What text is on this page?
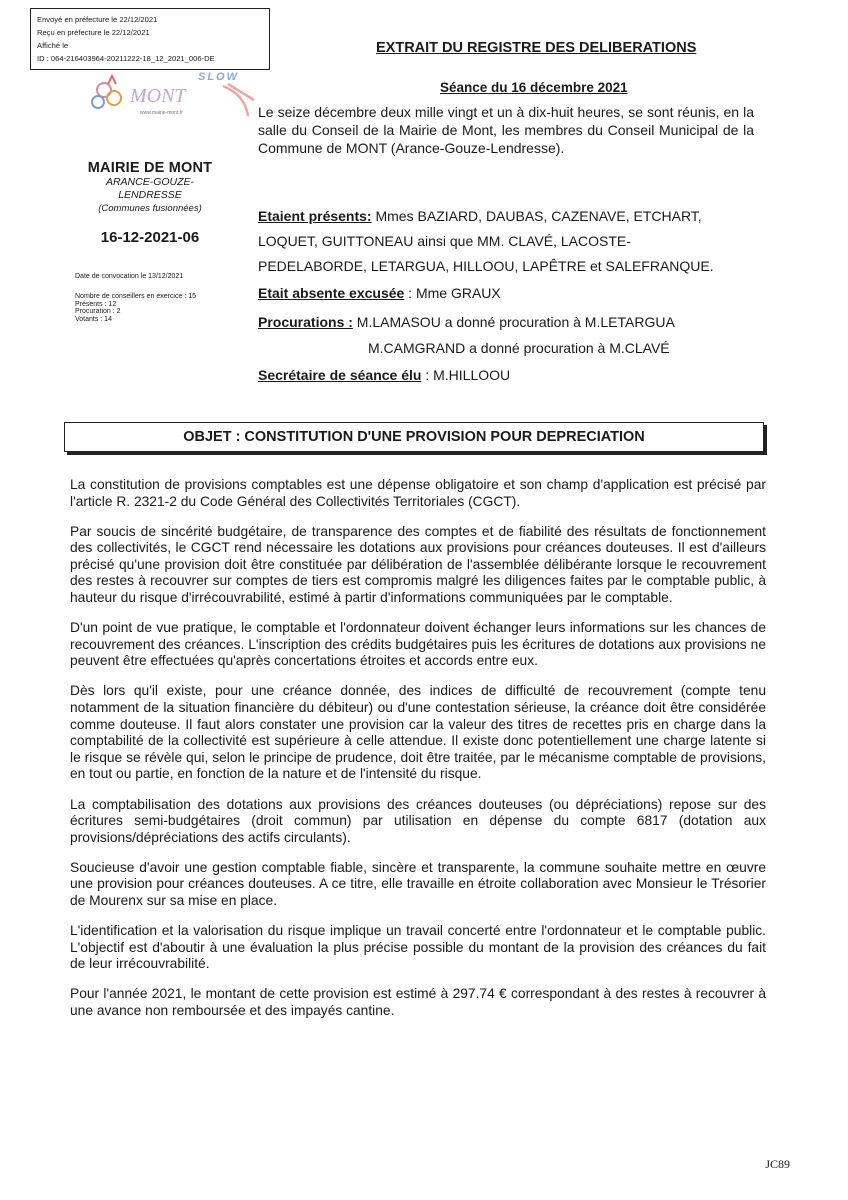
Envoyé en préfecture le 22/12/2021
Reçu en préfecture le 22/12/2021
Affiché le
ID : 064-216403964-20211222-18_12_2021_006-DE
MONT
www.mairie-mont.fr
SLOW
EXTRAIT DU REGISTRE DES DELIBERATIONS
Séance du 16 décembre 2021
MAIRIE DE MONT
ARANCE-GOUZE-
LENDRESSE
(Communes fusionnées)
16-12-2021-06
Date de convocation le 13/12/2021
Nombre de conseillers en exercice : 15
Présents : 12
Procuration : 2
Votants : 14
Le seize décembre deux mille vingt et un à dix-huit heures, se sont réunis, en la salle du Conseil de la Mairie de Mont, les membres du Conseil Municipal de la Commune de MONT (Arance-Gouze-Lendresse).
Etaient présents: Mmes BAZIARD, DAUBAS, CAZENAVE, ETCHART,
LOQUET, GUITTONEAU ainsi que MM. CLAVÉ, LACOSTE-
PEDELABORDE, LETARGUA, HILLOOU, LAPÊTRE et SALEFRANQUE.
Etait absente excusée : Mme GRAUX
Procurations : M.LAMASOU a donné procuration à M.LETARGUA
M.CAMGRAND a donné procuration à M.CLAVÉ
Secrétaire de séance élu : M.HILLOOU
OBJET : CONSTITUTION D'UNE PROVISION POUR DEPRECIATION

La constitution de provisions comptables est une dépense obligatoire et son champ d'application est précisé par l'article R. 2321-2 du Code Général des Collectivités Territoriales (CGCT).

Par soucis de sincérité budgétaire, de transparence des comptes et de fiabilité des résultats de fonctionnement des collectivités, le CGCT rend nécessaire les dotations aux provisions pour créances douteuses. Il est d'ailleurs précisé qu'une provision doit être constituée par délibération de l'assemblée délibérante lorsque le recouvrement des restes à recouvrer sur comptes de tiers est compromis malgré les diligences faites par le comptable public, à hauteur du risque d'irrécouvrabilité, estimé à partir d'informations communiquées par le comptable.

D'un point de vue pratique, le comptable et l'ordonnateur doivent échanger leurs informations sur les chances de recouvrement des créances. L'inscription des crédits budgétaires puis les écritures de dotations aux provisions ne peuvent être effectuées qu'après concertations étroites et accords entre eux.

Dès lors qu'il existe, pour une créance donnée, des indices de difficulté de recouvrement (compte tenu notamment de la situation financière du débiteur) ou d'une contestation sérieuse, la créance doit être considérée comme douteuse. Il faut alors constater une provision car la valeur des titres de recettes pris en charge dans la comptabilité de la collectivité est supérieure à celle attendue. Il existe donc potentiellement une charge latente si le risque se révèle qui, selon le principe de prudence, doit être traitée, par le mécanisme comptable de provisions, en tout ou partie, en fonction de la nature et de l'intensité du risque.

La comptabilisation des dotations aux provisions des créances douteuses (ou dépréciations) repose sur des écritures semi-budgétaires (droit commun) par utilisation en dépense du compte 6817 (dotation aux provisions/dépréciations des actifs circulants).

Soucieuse d'avoir une gestion comptable fiable, sincère et transparente, la commune souhaite mettre en œuvre une provision pour créances douteuses. A ce titre, elle travaille en étroite collaboration avec Monsieur le Trésorier de Mourenx sur sa mise en place.

L'identification et la valorisation du risque implique un travail concerté entre l'ordonnateur et le comptable public. L'objectif est d'aboutir à une évaluation la plus précise possible du montant de la provision des créances du fait de leur irrécouvrabilité.

Pour l'année 2021, le montant de cette provision est estimé à 297.74 € correspondant à des restes à recouvrer à une avance non remboursée et des impayés cantine.

JC89
